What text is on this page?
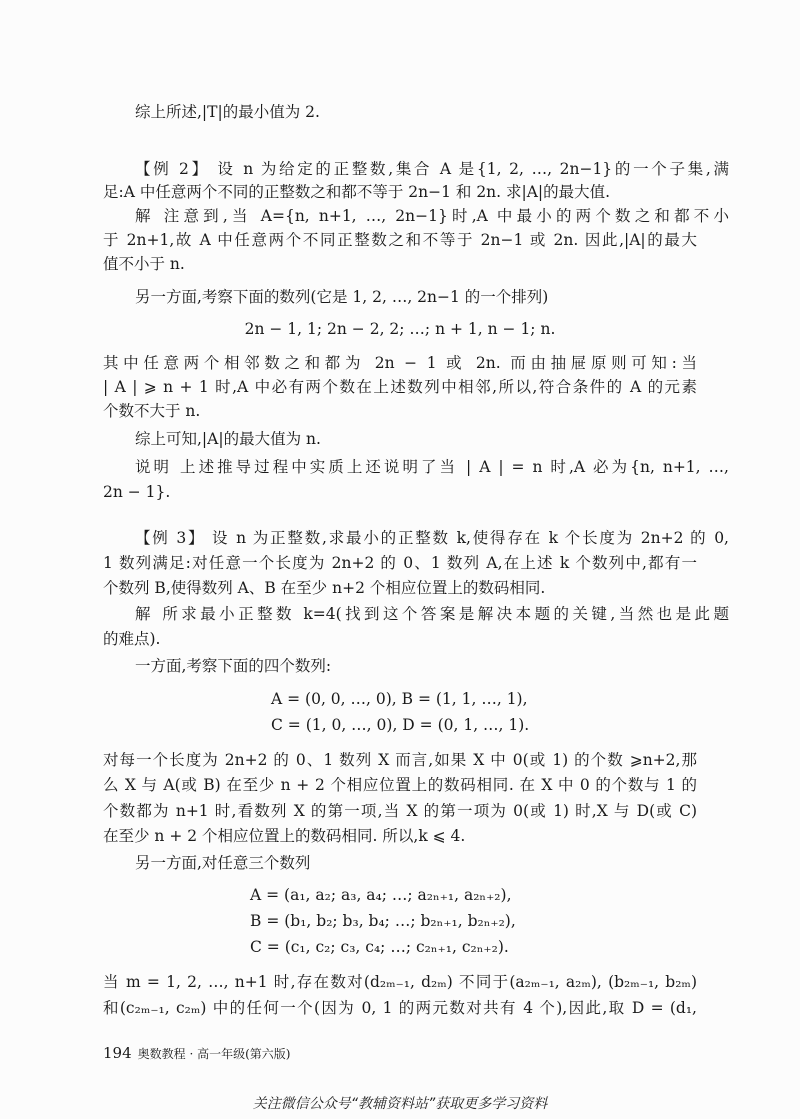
综上所述,|T|的最小值为 2.
【例 2】 设 n 为给定的正整数,集合 A 是{1, 2, …, 2n−1}的一个子集,满
足:A 中任意两个不同的正整数之和都不等于 2n−1 和 2n. 求|A|的最大值.
解 注意到,当 A={n, n+1, …, 2n−1}时,A 中最小的两个数之和都不小
于 2n+1,故 A 中任意两个不同正整数之和不等于 2n−1 或 2n. 因此,|A|的最大
值不小于 n.
另一方面,考察下面的数列(它是 1, 2, …, 2n−1 的一个排列)
2n − 1, 1; 2n − 2, 2; …; n + 1, n − 1; n.
其中任意两个相邻数之和都为 2n − 1 或 2n. 而由抽屉原则可知:当
| A | ⩾ n + 1 时,A 中必有两个数在上述数列中相邻,所以,符合条件的 A 的元素
个数不大于 n.
综上可知,|A|的最大值为 n.
说明 上述推导过程中实质上还说明了当 | A | = n 时,A 必为{n, n+1, …,
2n − 1}.
【例 3】 设 n 为正整数,求最小的正整数 k,使得存在 k 个长度为 2n+2 的 0,
1 数列满足:对任意一个长度为 2n+2 的 0、1 数列 A,在上述 k 个数列中,都有一
个数列 B,使得数列 A、B 在至少 n+2 个相应位置上的数码相同.
解 所求最小正整数 k=4(找到这个答案是解决本题的关键,当然也是此题
的难点).
一方面,考察下面的四个数列:
A = (0, 0, …, 0), B = (1, 1, …, 1),
C = (1, 0, …, 0), D = (0, 1, …, 1).
对每一个长度为 2n+2 的 0、1 数列 X 而言,如果 X 中 0(或 1) 的个数 ⩾n+2,那
么 X 与 A(或 B) 在至少 n + 2 个相应位置上的数码相同. 在 X 中 0 的个数与 1 的
个数都为 n+1 时,看数列 X 的第一项,当 X 的第一项为 0(或 1) 时,X 与 D(或 C)
在至少 n + 2 个相应位置上的数码相同. 所以,k ⩽ 4.
另一方面,对任意三个数列
A = (a₁, a₂; a₃, a₄; …; a₂ₙ₊₁, a₂ₙ₊₂),
B = (b₁, b₂; b₃, b₄; …; b₂ₙ₊₁, b₂ₙ₊₂),
C = (c₁, c₂; c₃, c₄; …; c₂ₙ₊₁, c₂ₙ₊₂).
当 m = 1, 2, …, n+1 时,存在数对(d₂ₘ₋₁, d₂ₘ) 不同于(a₂ₘ₋₁, a₂ₘ), (b₂ₘ₋₁, b₂ₘ)
和(c₂ₘ₋₁, c₂ₘ) 中的任何一个(因为 0, 1 的两元数对共有 4 个),因此,取 D = (d₁,
194 奥数教程 · 高一年级(第六版)
关注微信公众号“教辅资料站”获取更多学习资料
